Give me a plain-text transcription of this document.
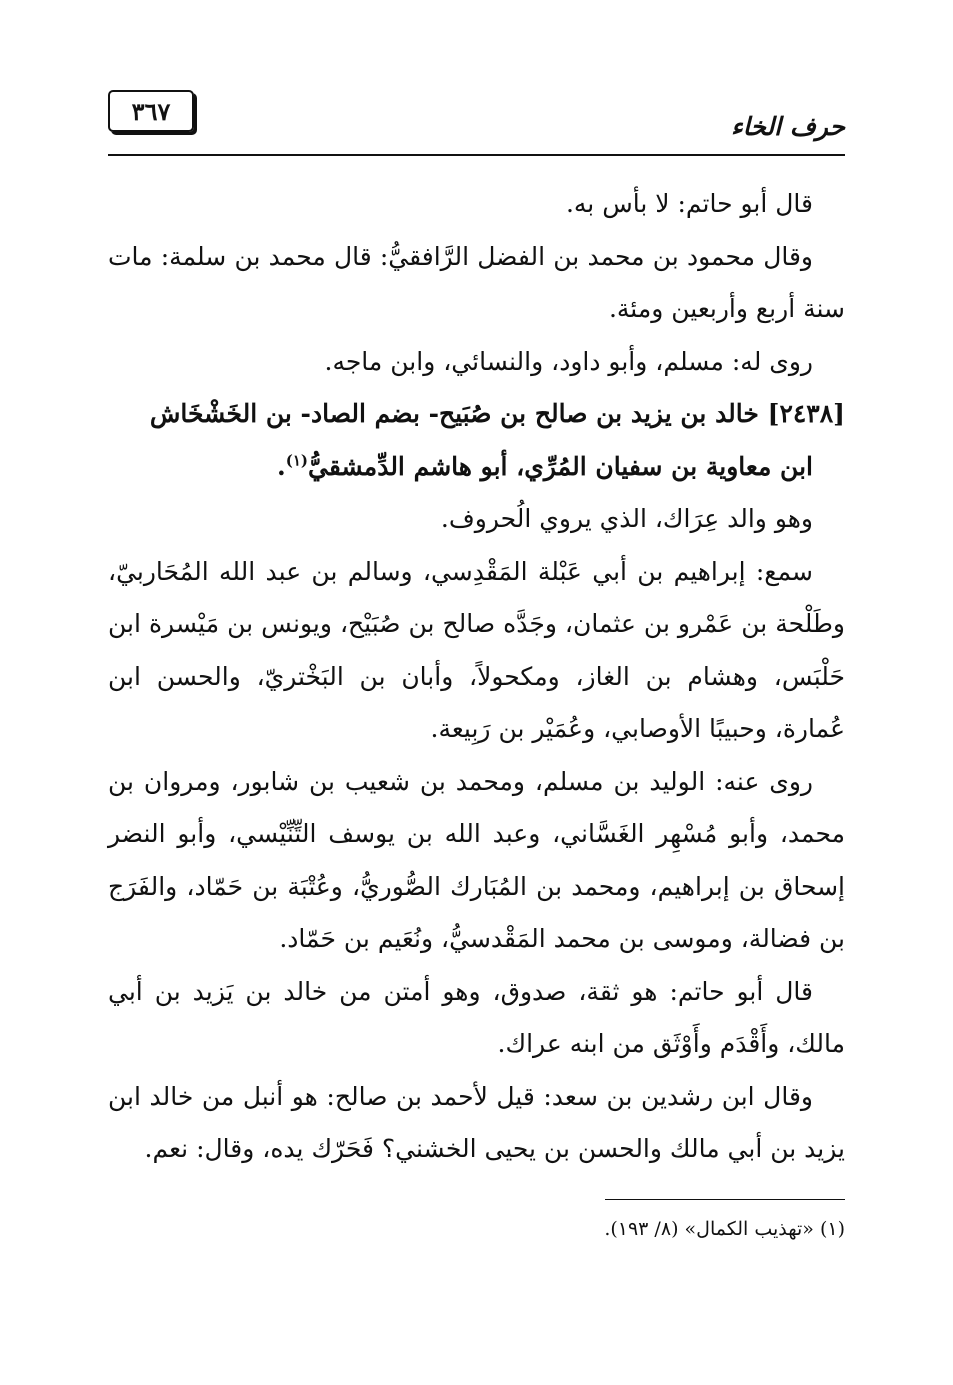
حرف الخاء
٣٦٧

قال أبو حاتم: لا بأس به.

وقال محمود بن محمد بن الفضل الرَّافقيُّ: قال محمد بن سلمة: مات سنة أربع وأربعين ومئة.

روى له: مسلم، وأبو داود، والنسائي، وابن ماجه.

[٢٤٣٨] خالد بن يزيد بن صالح بن صُبَيح- بضم الصاد- بن الخَشْخَاش

ابن معاوية بن سفيان المُرِّي، أبو هاشم الدِّمشقيُّ$^{(١)}$.

وهو والد عِرَاك، الذي يروي الُحروف.

سمع: إبراهيم بن أبي عَبْلة المَقْدِسي، وسالم بن عبد الله المُحَاربيّ، وطَلْحة بن عَمْرو بن عثمان، وجَدَّه صالح بن صُبَيْح، ويونس بن مَيْسرة ابن حَلْبَس، وهشام بن الغاز، ومكحولاً، وأبان بن البَخْتريّ، والحسن ابن عُمارة، وحبيبًا الأوصابي، وعُمَيْر بن رَبِيعة.

روى عنه: الوليد بن مسلم، ومحمد بن شعيب بن شابور، ومروان بن محمد، وأبو مُسْهِر الغَسَّاني، وعبد الله بن يوسف التِّنِّيْسي، وأبو النضر إسحاق بن إبراهيم، ومحمد بن المُبَارك الصُّوريُّ، وعُتْبَة بن حَمّاد، والفَرَج بن فضالة، وموسى بن محمد المَقْدسيُّ، ونُعَيم بن حَمّاد.

قال أبو حاتم: هو ثقة، صدوق، وهو أمتن من خالد بن يَزيد بن أبي مالك، وأَقْدَم وأَوْثَق من ابنه عراك.

وقال ابن رشدين بن سعد: قيل لأحمد بن صالح: هو أنبل من خالد ابن يزيد بن أبي مالك والحسن بن يحيى الخشني؟ فَحَرّك يده، وقال: نعم.

(١) «تهذيب الكمال» (٨/ ١٩٣).
